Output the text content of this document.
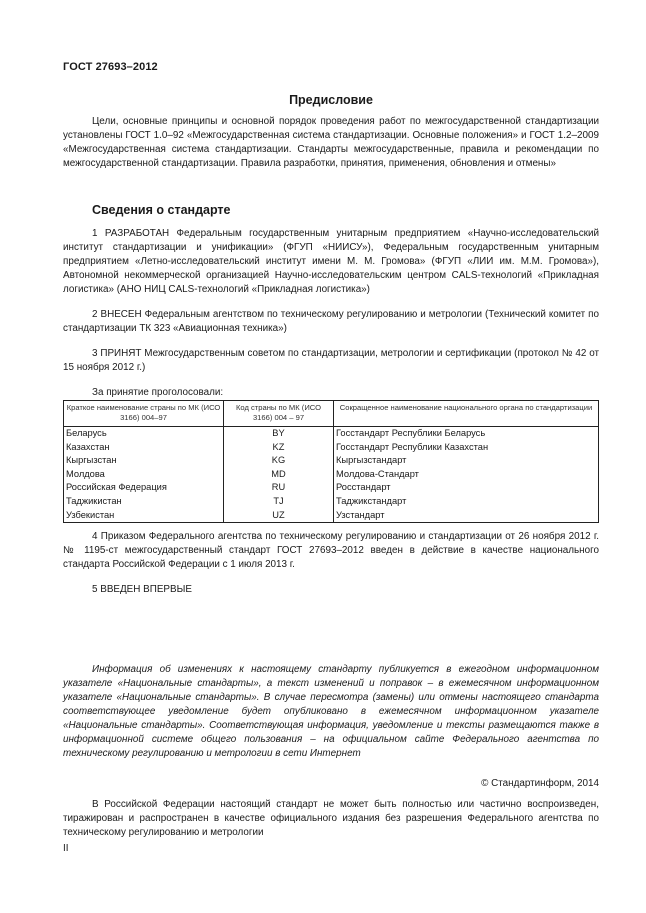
ГОСТ 27693–2012
Предисловие

Цели, основные принципы и основной порядок проведения работ по межгосударственной стандартизации установлены ГОСТ 1.0–92 «Межгосударственная система стандартизации. Основные положения» и ГОСТ 1.2–2009 «Межгосударственная система стандартизации. Стандарты межгосударственные, правила и рекомендации по межгосударственной стандартизации. Правила разработки, принятия, применения, обновления и отмены»

Сведения о стандарте

1 РАЗРАБОТАН Федеральным государственным унитарным предприятием «Научно-исследовательский институт стандартизации и унификации» (ФГУП «НИИСУ»), Федеральным государственным унитарным предприятием «Летно-исследовательский институт имени М. М. Громова» (ФГУП «ЛИИ им. М.М. Громова»), Автономной некоммерческой организацией Научно-исследовательским центром CALS-технологий «Прикладная логистика» (АНО НИЦ CALS-технологий «Прикладная логистика»)

2 ВНЕСЕН Федеральным агентством по техническому регулированию и метрологии (Технический комитет по стандартизации ТК 323 «Авиационная техника»)

3 ПРИНЯТ Межгосударственным советом по стандартизации, метрологии и сертификации (протокол № 42 от 15 ноября 2012 г.)

За принятие проголосовали:
Краткое наименование страны по МК (ИСО 3166) 004–97	Код страны по МК (ИСО 3166) 004 – 97	Сокращенное наименование национального органа по стандартизации
Беларусь	BY	Госстандарт Республики Беларусь
Казахстан	KZ	Госстандарт Республики Казахстан
Кыргызстан	KG	Кыргызстандарт
Молдова	MD	Молдова-Стандарт
Российская Федерация	RU	Росстандарт
Таджикистан	TJ	Таджикстандарт
Узбекистан	UZ	Узстандарт

4 Приказом Федерального агентства по техническому регулированию и стандартизации от 26 ноября 2012 г. № 1195-ст межгосударственный стандарт ГОСТ 27693–2012 введен в действие в качестве национального стандарта Российской Федерации с 1 июля 2013 г.

5 ВВЕДЕН ВПЕРВЫЕ

Информация об изменениях к настоящему стандарту публикуется в ежегодном информационном указателе «Национальные стандарты», а текст изменений и поправок – в ежемесячном информационном указателе «Национальные стандарты». В случае пересмотра (замены) или отмены настоящего стандарта соответствующее уведомление будет опубликовано в ежемесячном информационном указателе «Национальные стандарты». Соответствующая информация, уведомление и тексты размещаются также в информационной системе общего пользования – на официальном сайте Федерального агентства по техническому регулированию и метрологии в сети Интернет

© Стандартинформ, 2014

В Российской Федерации настоящий стандарт не может быть полностью или частично воспроизведен, тиражирован и распространен в качестве официального издания без разрешения Федерального агентства по техническому регулированию и метрологии

II
